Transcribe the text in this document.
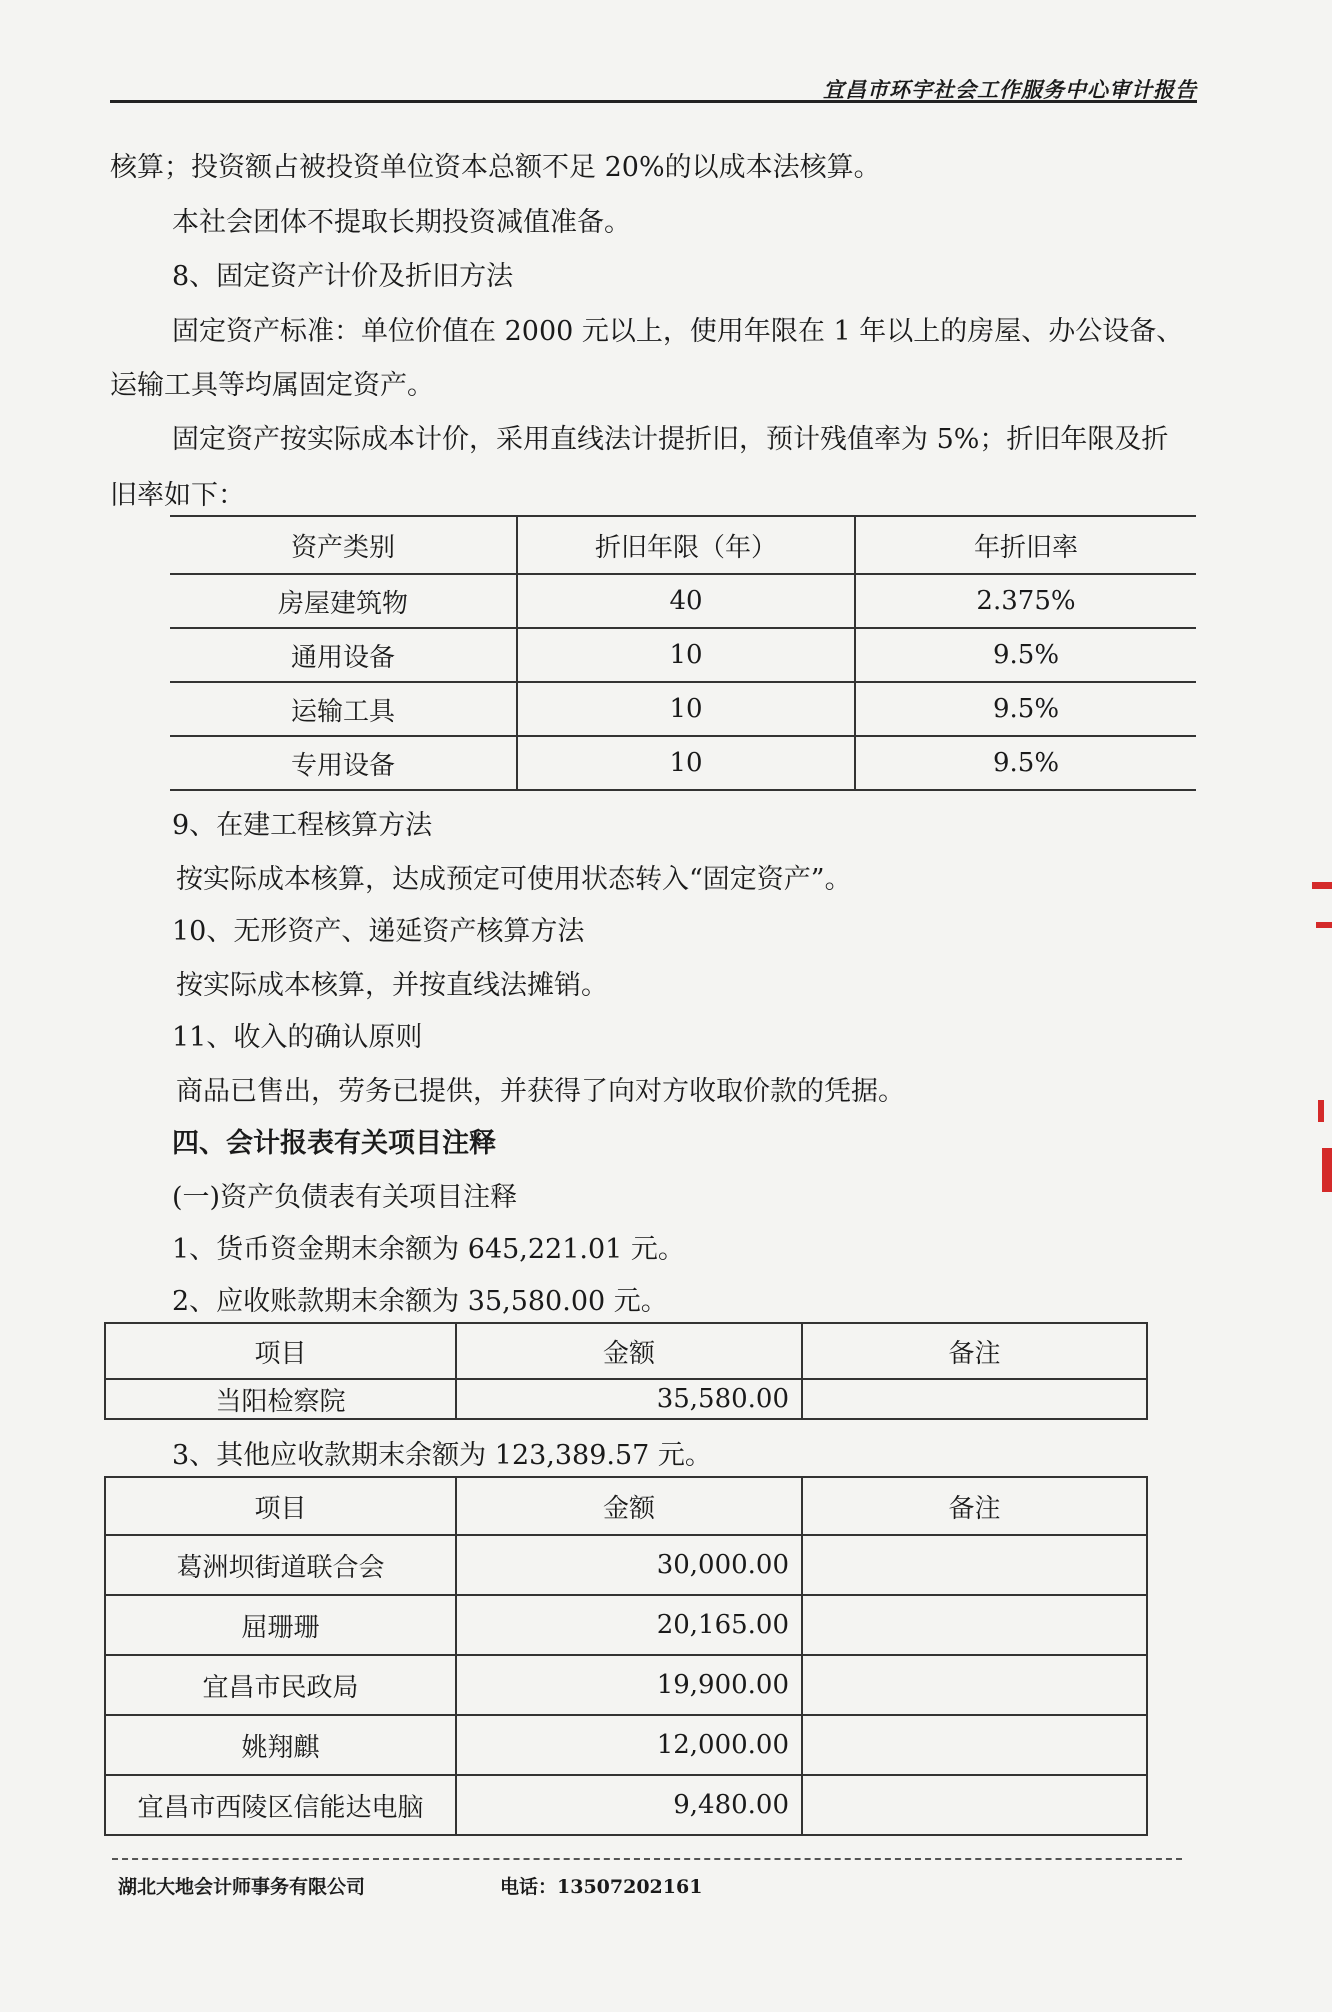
宜昌市环宇社会工作服务中心审计报告
核算；投资额占被投资单位资本总额不足 20%的以成本法核算。
本社会团体不提取长期投资减值准备。
8、固定资产计价及折旧方法
固定资产标准：单位价值在 2000 元以上，使用年限在 1 年以上的房屋、办公设备、
运输工具等均属固定资产。
固定资产按实际成本计价，采用直线法计提折旧，预计残值率为 5%；折旧年限及折
旧率如下：
资产类别	折旧年限（年）	年折旧率
房屋建筑物	40	2.375%
通用设备	10	9.5%
运输工具	10	9.5%
专用设备	10	9.5%
9、在建工程核算方法
按实际成本核算，达成预定可使用状态转入“固定资产”。
10、无形资产、递延资产核算方法
按实际成本核算，并按直线法摊销。
11、收入的确认原则
商品已售出，劳务已提供，并获得了向对方收取价款的凭据。
四、会计报表有关项目注释
(一)资产负债表有关项目注释
1、货币资金期末余额为 645,221.01 元。
2、应收账款期末余额为 35,580.00 元。
项目	金额	备注
当阳检察院	35,580.00	
3、其他应收款期末余额为 123,389.57 元。
项目	金额	备注
葛洲坝街道联合会	30,000.00	
屈珊珊	20,165.00	
宜昌市民政局	19,900.00	
姚翔麒	12,000.00	
宜昌市西陵区信能达电脑	9,480.00	
湖北大地会计师事务有限公司	电话：13507202161
